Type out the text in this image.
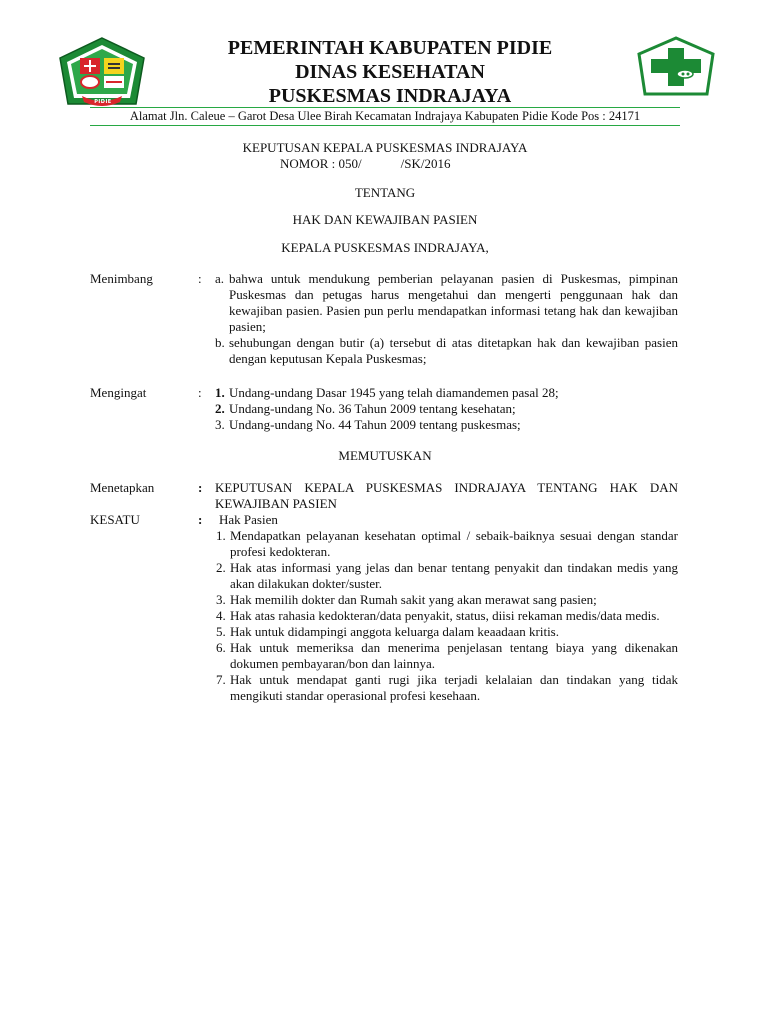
PIDIE
PEMERINTAH KABUPATEN PIDIE
DINAS KESEHATAN
PUSKESMAS INDRAJAYA
Alamat Jln. Caleue – Garot Desa Ulee Birah Kecamatan Indrajaya Kabupaten Pidie Kode Pos : 24171
KEPUTUSAN KEPALA PUSKESMAS INDRAJAYA
NOMOR : 050/            /SK/2016
TENTANG
HAK DAN KEWAJIBAN PASIEN
KEPALA PUSKESMAS INDRAJAYA,
Menimbang	: a. bahwa untuk mendukung pemberian pelayanan pasien di Puskesmas, pimpinan Puskesmas dan petugas harus mengetahui dan mengerti penggunaan hak dan kewajiban pasien. Pasien pun perlu mendapatkan informasi tetang hak dan kewajiban pasien;
b. sehubungan dengan butir (a) tersebut di atas ditetapkan hak dan kewajiban pasien dengan keputusan Kepala Puskesmas;
Mengingat	: 1. Undang-undang Dasar 1945 yang telah diamandemen pasal 28;
2. Undang-undang No. 36 Tahun 2009 tentang kesehatan;
3. Undang-undang No. 44 Tahun 2009 tentang puskesmas;
MEMUTUSKAN
Menetapkan	: KEPUTUSAN KEPALA PUSKESMAS INDRAJAYA TENTANG HAK DAN KEWAJIBAN PASIEN
KESATU	: Hak Pasien
1. Mendapatkan pelayanan kesehatan optimal / sebaik-baiknya sesuai dengan standar profesi kedokteran.
2. Hak atas informasi yang jelas dan benar tentang penyakit dan tindakan medis yang akan dilakukan dokter/suster.
3. Hak memilih dokter dan Rumah sakit yang akan merawat sang pasien;
4. Hak atas rahasia kedokteran/data penyakit, status, diisi rekaman medis/data medis.
5. Hak untuk didampingi anggota keluarga dalam keaadaan kritis.
6. Hak untuk memeriksa dan menerima penjelasan tentang biaya yang dikenakan dokumen pembayaran/bon dan lainnya.
7. Hak untuk mendapat ganti rugi jika terjadi kelalaian dan tindakan yang tidak mengikuti standar operasional profesi kesehaan.
